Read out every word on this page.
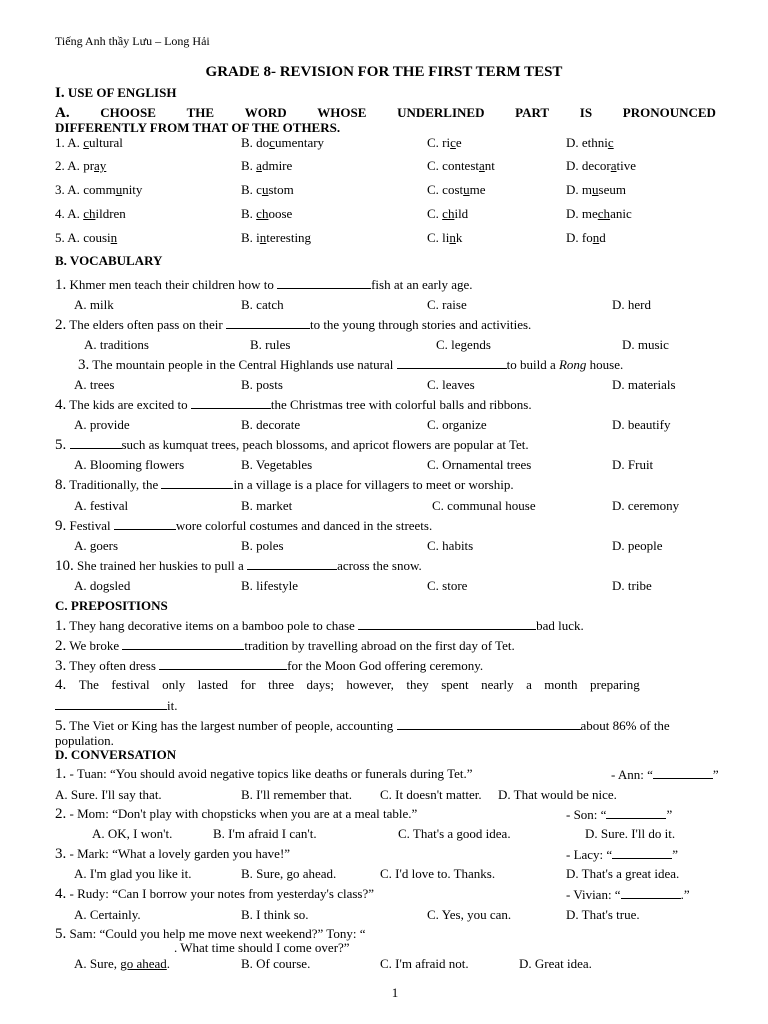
Tiếng Anh thầy Lưu – Long Hải
GRADE 8- REVISION FOR THE FIRST TERM TEST
I. USE OF ENGLISH
A. CHOOSE THE WORD WHOSE UNDERLINED PART IS PRONOUNCED
DIFFERENTLY FROM THAT OF THE OTHERS.
1. A. cultural	B. documentary	C. rice	D. ethnic
2. A. pray	B. admire	C. contestant	D. decorative
3. A. community	B. custom	C. costume	D. museum
4. A. children	B. choose	C. child	D. mechanic
5. A. cousin	B. interesting	C. link	D. fond
B. VOCABULARY
1. Khmer men teach their children how to	fish at an early age.
A. milk	B. catch	C. raise	D. herd
2. The elders often pass on their	to the young through stories and activities.
A. traditions	B. rules	C. legends	D. music
3. The mountain people in the Central Highlands use natural	to build a Rong house.
A. trees	B. posts	C. leaves	D. materials
4. The kids are excited to	the Christmas tree with colorful balls and ribbons.
A. provide	B. decorate	C. organize	D. beautify
5.	such as kumquat trees, peach blossoms, and apricot flowers are popular at Tet.
A. Blooming flowers	B. Vegetables	C. Ornamental trees	D. Fruit
8. Traditionally, the	in a village is a place for villagers to meet or worship.
A. festival	B. market	C. communal house	D. ceremony
9. Festival	wore colorful costumes and danced in the streets.
A. goers	B. poles	C. habits	D. people
10. She trained her huskies to pull a	across the snow.
A. dogsled	B. lifestyle	C. store	D. tribe
C. PREPOSITIONS
1. They hang decorative items on a bamboo pole to chase	bad luck.
2. We broke	tradition by travelling abroad on the first day of Tet.
3. They often dress	for the Moon God offering ceremony.
4. The festival only lasted for three days; however, they spent nearly a month preparing
it.
5. The Viet or King has the largest number of people, accounting	about 86% of the
population.
D. CONVERSATION
1. - Tuan: “You should avoid negative topics like deaths or funerals during Tet.”	- Ann: “	”
A. Sure. I'll say that.	B. I'll remember that. C. It doesn't matter. D. That would be nice.
2. - Mom: “Don't play with chopsticks when you are at a meal table.”	- Son: “	”
A. OK, I won't.	B. I'm afraid I can't.	C. That's a good idea.	D. Sure. I'll do it.
3. - Mark: “What a lovely garden you have!”	- Lacy: “	”
A. I'm glad you like it.	B. Sure, go ahead.	C. I'd love to. Thanks.	D. That's a great idea.
4. - Rudy: “Can I borrow your notes from yesterday's class?”	- Vivian: “	.”
A. Certainly.	B. I think so.	C. Yes, you can.	D. That's true.
5. Sam: “Could you help me move next weekend?” Tony: “
. What time should I come over?”
A. Sure, go ahead.	B. Of course.	C. I'm afraid not.	D. Great idea.
1
